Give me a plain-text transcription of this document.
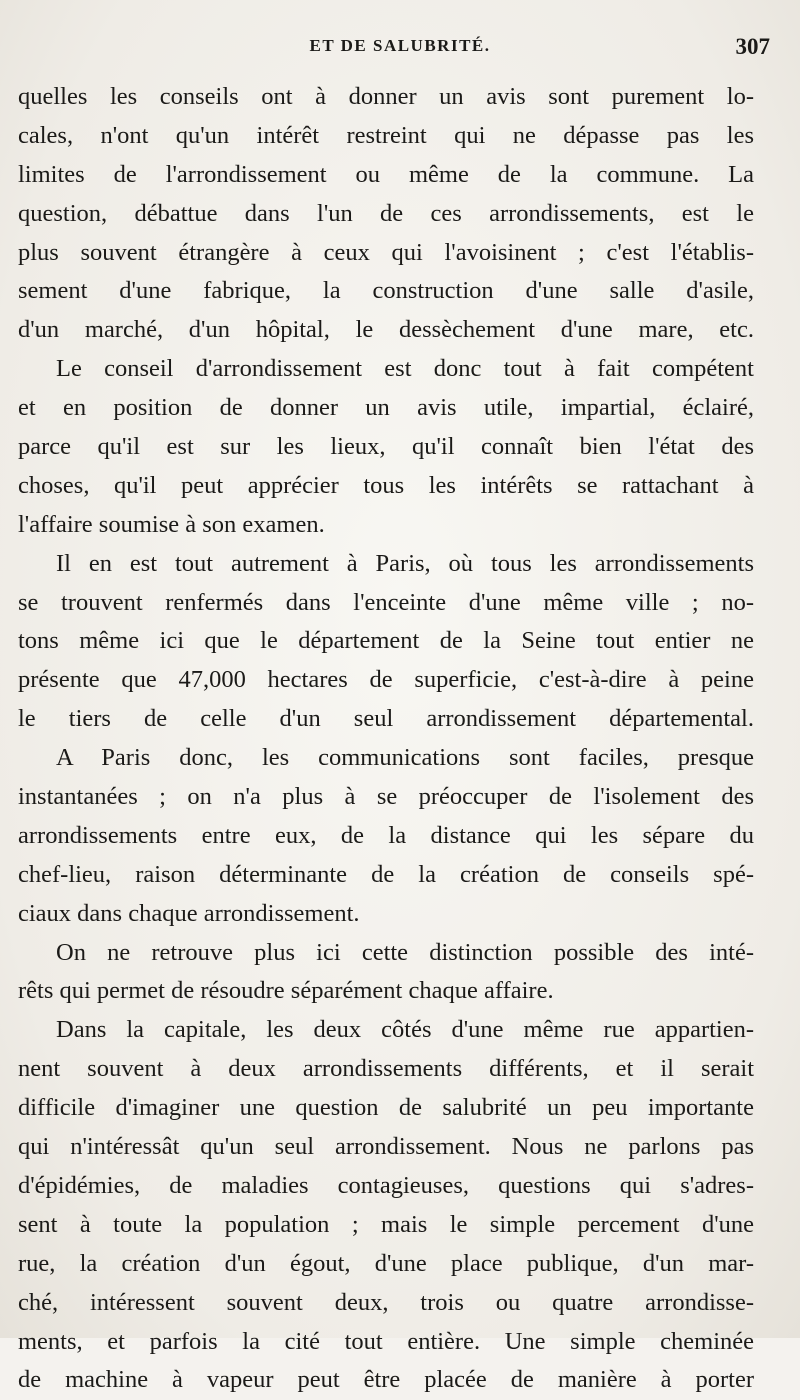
ET DE SALUBRITÉ.	307
quelles les conseils ont à donner un avis sont purement lo-
cales, n'ont qu'un intérêt restreint qui ne dépasse pas les
limites de l'arrondissement ou même de la commune. La
question, débattue dans l'un de ces arrondissements, est le
plus souvent étrangère à ceux qui l'avoisinent ; c'est l'établis-
sement d'une fabrique, la construction d'une salle d'asile,
d'un marché, d'un hôpital, le dessèchement d'une mare, etc.
Le conseil d'arrondissement est donc tout à fait compétent
et en position de donner un avis utile, impartial, éclairé,
parce qu'il est sur les lieux, qu'il connaît bien l'état des
choses, qu'il peut apprécier tous les intérêts se rattachant à
l'affaire soumise à son examen.
Il en est tout autrement à Paris, où tous les arrondissements
se trouvent renfermés dans l'enceinte d'une même ville ; no-
tons même ici que le département de la Seine tout entier ne
présente que 47,000 hectares de superficie, c'est-à-dire à peine
le tiers de celle d'un seul arrondissement départemental.
A Paris donc, les communications sont faciles, presque
instantanées ; on n'a plus à se préoccuper de l'isolement des
arrondissements entre eux, de la distance qui les sépare du
chef-lieu, raison déterminante de la création de conseils spé-
ciaux dans chaque arrondissement.
On ne retrouve plus ici cette distinction possible des inté-
rêts qui permet de résoudre séparément chaque affaire.
Dans la capitale, les deux côtés d'une même rue appartien-
nent souvent à deux arrondissements différents, et il serait
difficile d'imaginer une question de salubrité un peu importante
qui n'intéressât qu'un seul arrondissement. Nous ne parlons pas
d'épidémies, de maladies contagieuses, questions qui s'adres-
sent à toute la population ; mais le simple percement d'une
rue, la création d'un égout, d'une place publique, d'un mar-
ché, intéressent souvent deux, trois ou quatre arrondisse-
ments, et parfois la cité tout entière. Une simple cheminée
de machine à vapeur peut être placée de manière à porter
